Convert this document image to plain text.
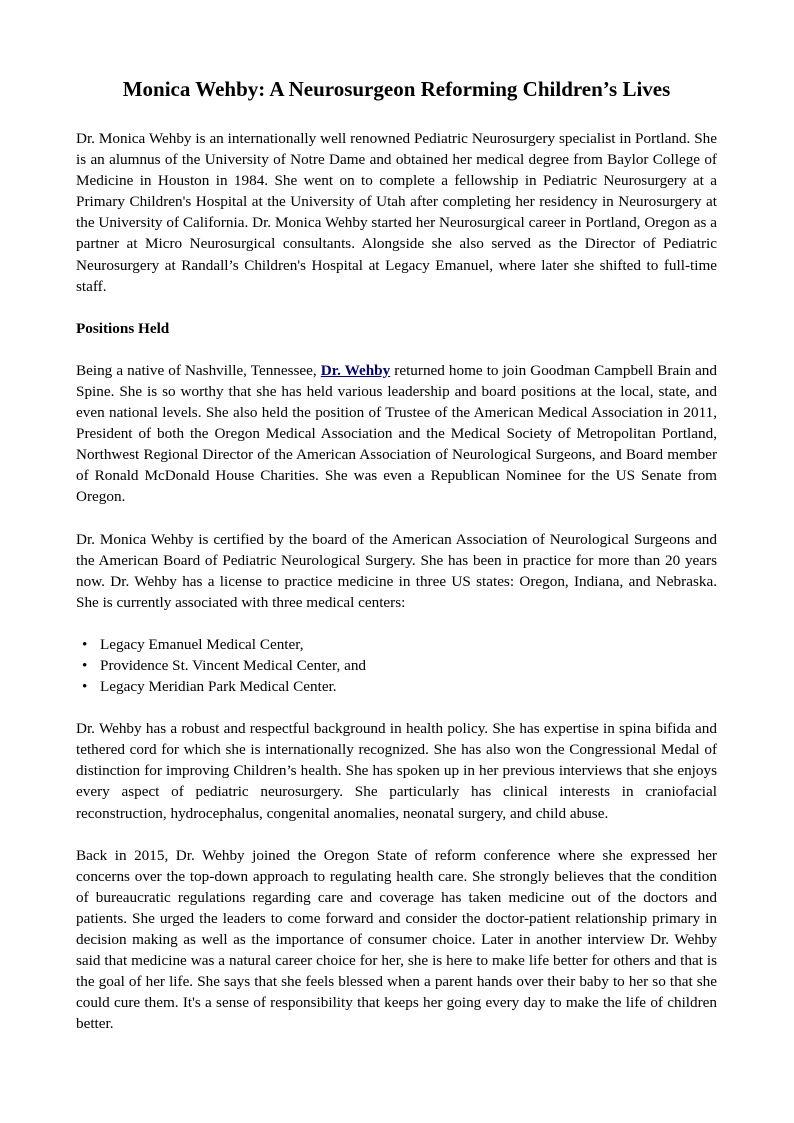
Monica Wehby: A Neurosurgeon Reforming Children’s Lives

Dr. Monica Wehby is an internationally well renowned Pediatric Neurosurgery specialist in Portland. She is an alumnus of the University of Notre Dame and obtained her medical degree from Baylor College of Medicine in Houston in 1984. She went on to complete a fellowship in Pediatric Neurosurgery at a Primary Children's Hospital at the University of Utah after completing her residency in Neurosurgery at the University of California. Dr. Monica Wehby started her Neurosurgical career in Portland, Oregon as a partner at Micro Neurosurgical consultants. Alongside she also served as the Director of Pediatric Neurosurgery at Randall’s Children's Hospital at Legacy Emanuel, where later she shifted to full-time staff.

Positions Held

Being a native of Nashville, Tennessee, Dr. Wehby returned home to join Goodman Campbell Brain and Spine. She is so worthy that she has held various leadership and board positions at the local, state, and even national levels. She also held the position of Trustee of the American Medical Association in 2011, President of both the Oregon Medical Association and the Medical Society of Metropolitan Portland, Northwest Regional Director of the American Association of Neurological Surgeons, and Board member of Ronald McDonald House Charities. She was even a Republican Nominee for the US Senate from Oregon.

Dr. Monica Wehby is certified by the board of the American Association of Neurological Surgeons and the American Board of Pediatric Neurological Surgery. She has been in practice for more than 20 years now. Dr. Wehby has a license to practice medicine in three US states: Oregon, Indiana, and Nebraska. She is currently associated with three medical centers:

• Legacy Emanuel Medical Center,
• Providence St. Vincent Medical Center, and
• Legacy Meridian Park Medical Center.

Dr. Wehby has a robust and respectful background in health policy. She has expertise in spina bifida and tethered cord for which she is internationally recognized. She has also won the Congressional Medal of distinction for improving Children’s health. She has spoken up in her previous interviews that she enjoys every aspect of pediatric neurosurgery. She particularly has clinical interests in craniofacial reconstruction, hydrocephalus, congenital anomalies, neonatal surgery, and child abuse.

Back in 2015, Dr. Wehby joined the Oregon State of reform conference where she expressed her concerns over the top-down approach to regulating health care. She strongly believes that the condition of bureaucratic regulations regarding care and coverage has taken medicine out of the doctors and patients. She urged the leaders to come forward and consider the doctor-patient relationship primary in decision making as well as the importance of consumer choice. Later in another interview Dr. Wehby said that medicine was a natural career choice for her, she is here to make life better for others and that is the goal of her life. She says that she feels blessed when a parent hands over their baby to her so that she could cure them. It's a sense of responsibility that keeps her going every day to make the life of children better.
